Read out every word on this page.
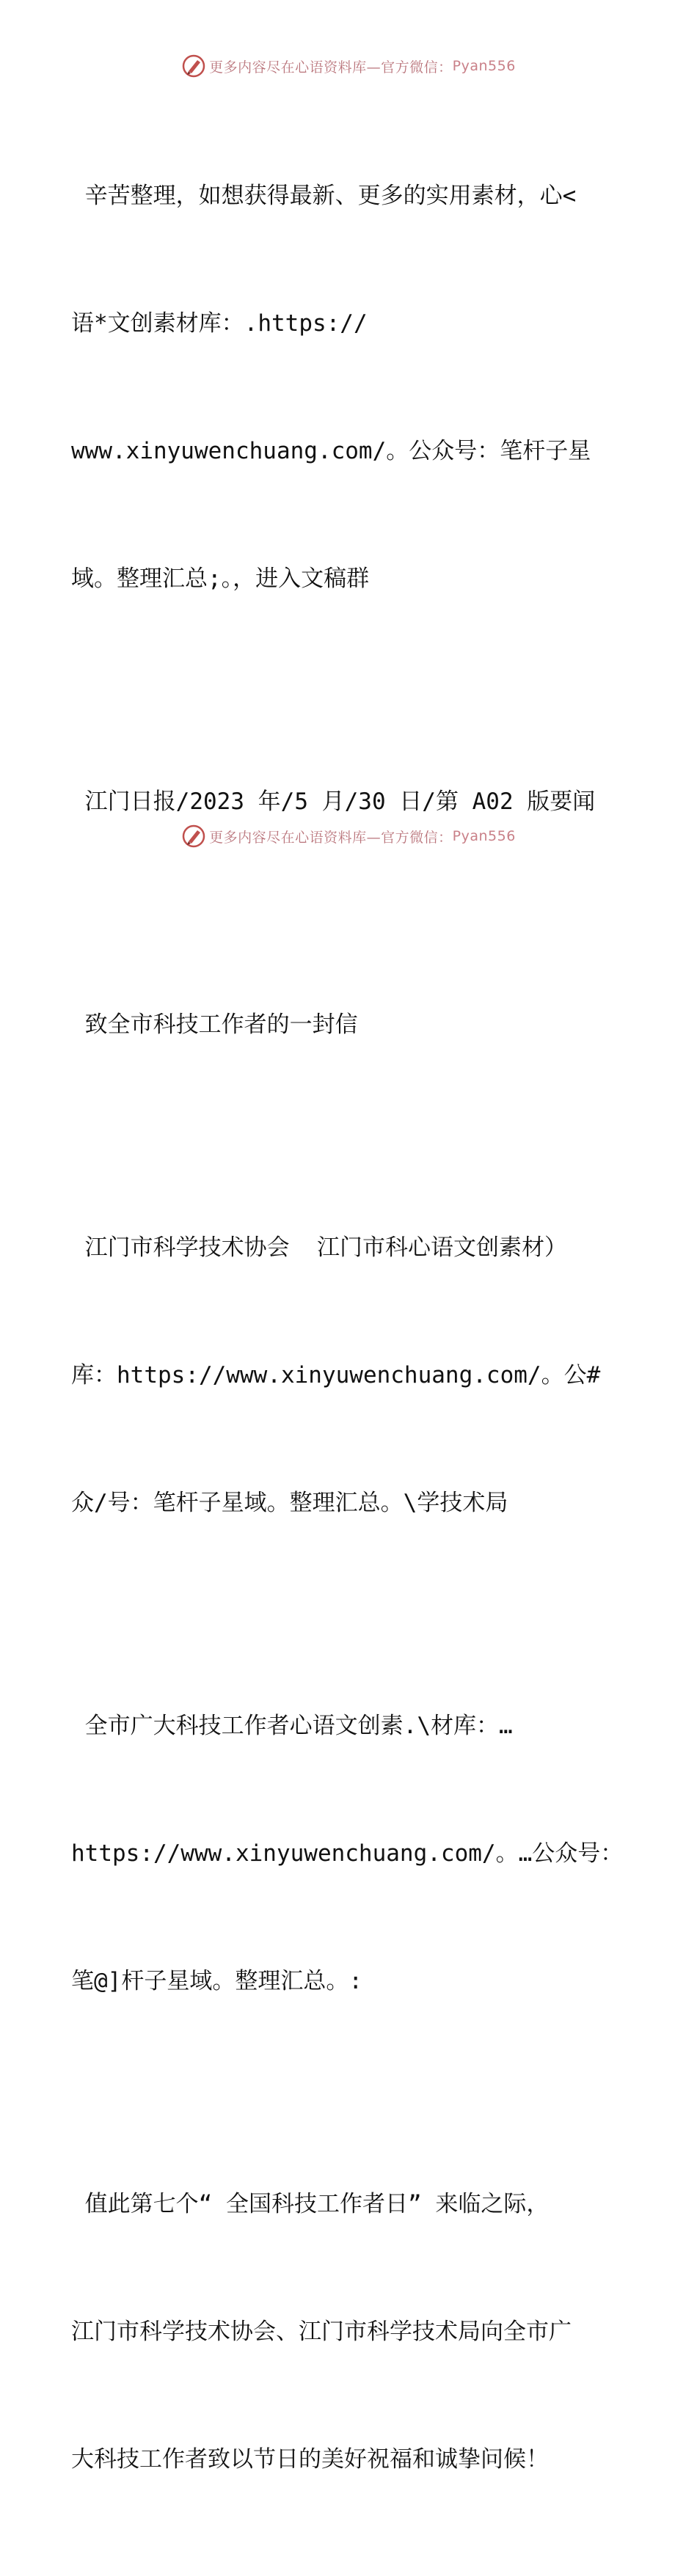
更多内容尽在心语资料库—官方微信： Pyan556

辛苦整理，如想获得最新、更多的实用素材，心<

语*文创素材库：.https://

www.xinyuwenchuang.com/。公众号：笔杆子星

域。整理汇总;。，进入文稿群

江门日报/2023 年/5 月/30 日/第 A02 版要闻

致全市科技工作者的一封信

江门市科学技术协会  江门市科心语文创素材）

库：https://www.xinyuwenchuang.com/。公#

众/号：笔杆子星域。整理汇总。\学技术局

全市广大科技工作者心语文创素.\材库：…

https://www.xinyuwenchuang.com/。…公众号：

笔@]杆子星域。整理汇总。:

值此第七个“ 全国科技工作者日” 来临之际，

江门市科学技术协会、江门市科学技术局向全市广

大科技工作者致以节日的美好祝福和诚挚问候！

更多内容尽在心语资料库—官方微信： Pyan556
